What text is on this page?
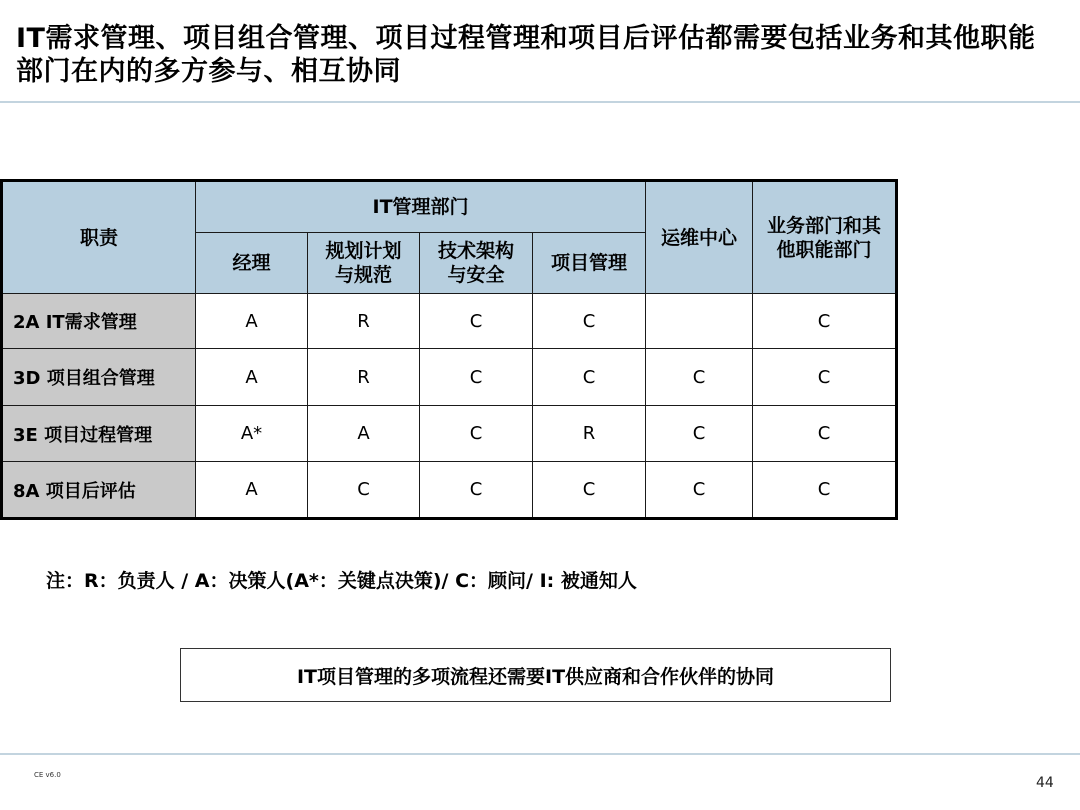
IT需求管理、项目组合管理、项目过程管理和项目后评估都需要包括业务和其他职能部门在内的多方参与、相互协同
职责	IT管理部门				运维中心	业务部门和其他职能部门

	经理	规划计划与规范	技术架构与安全	项目管理		
2A IT需求管理	A	R	C	C		C
3D 项目组合管理	A	R	C	C	C	C
3E 项目过程管理	A*	A	C	R	C	C
8A 项目后评估	A	C	C	C	C	C
注：R：负责人 / A：决策人(A*：关键点决策)/ C：顾问/ I: 被通知人
IT项目管理的多项流程还需要IT供应商和合作伙伴的协同
CE v6.0	44
